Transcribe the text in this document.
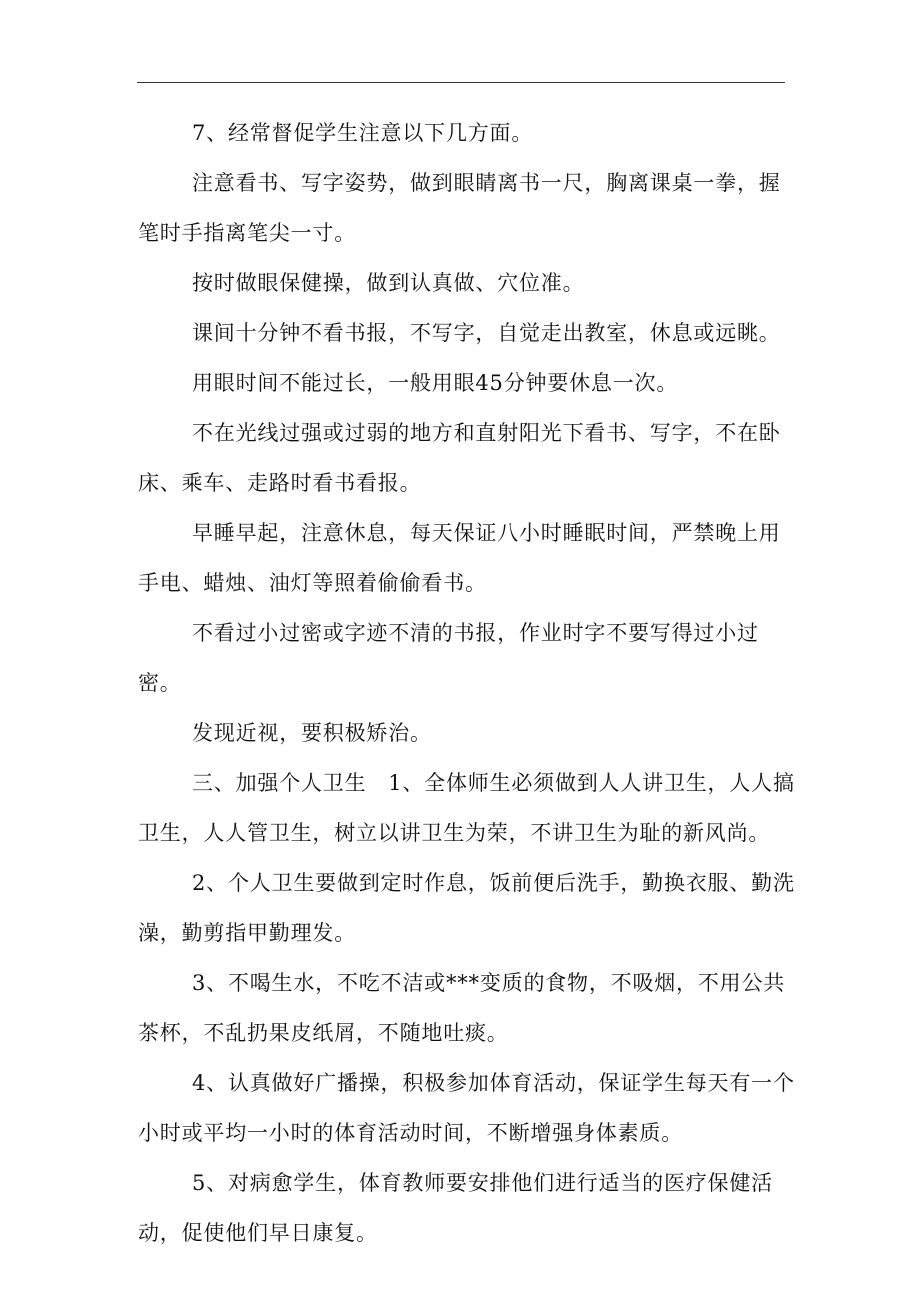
7、经常督促学生注意以下几方面。

注意看书、写字姿势，做到眼睛离书一尺，胸离课桌一拳，握笔时手指离笔尖一寸。

按时做眼保健操，做到认真做、穴位准。

课间十分钟不看书报，不写字，自觉走出教室，休息或远眺。

用眼时间不能过长，一般用眼45分钟要休息一次。

不在光线过强或过弱的地方和直射阳光下看书、写字，不在卧床、乘车、走路时看书看报。

早睡早起，注意休息，每天保证八小时睡眠时间，严禁晚上用手电、蜡烛、油灯等照着偷偷看书。

不看过小过密或字迹不清的书报，作业时字不要写得过小过密。

发现近视，要积极矫治。

三、加强个人卫生　1、全体师生必须做到人人讲卫生，人人搞卫生，人人管卫生，树立以讲卫生为荣，不讲卫生为耻的新风尚。

2、个人卫生要做到定时作息，饭前便后洗手，勤换衣服、勤洗澡，勤剪指甲勤理发。

3、不喝生水，不吃不洁或***变质的食物，不吸烟，不用公共茶杯，不乱扔果皮纸屑，不随地吐痰。

4、认真做好广播操，积极参加体育活动，保证学生每天有一个小时或平均一小时的体育活动时间，不断增强身体素质。

5、对病愈学生，体育教师要安排他们进行适当的医疗保健活动，促使他们早日康复。
